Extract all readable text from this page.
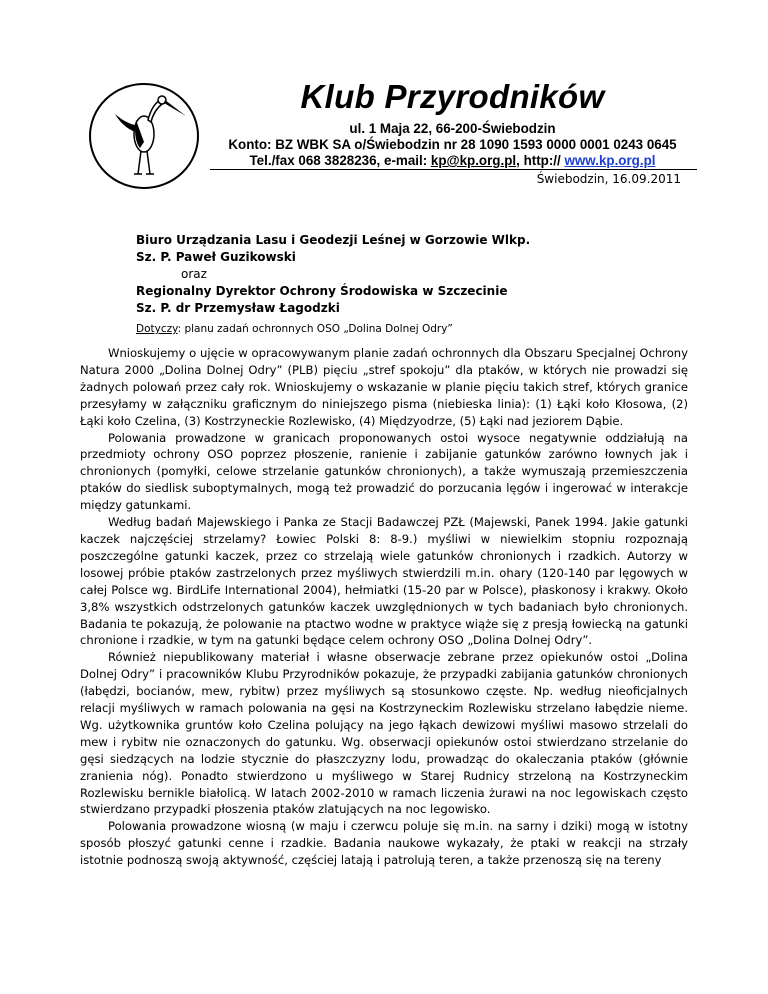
Klub Przyrodników
ul. 1 Maja 22, 66-200-Świebodzin
Konto: BZ WBK SA o/Świebodzin nr 28 1090 1593 0000 0001 0243 0645
Tel./fax 068 3828236, e-mail: kp@kp.org.pl, http:// www.kp.org.pl
Świebodzin, 16.09.2011
Biuro Urządzania Lasu i Geodezji Leśnej w Gorzowie Wlkp.
Sz. P. Paweł Guzikowski
oraz
Regionalny Dyrektor Ochrony Środowiska w Szczecinie
Sz. P. dr Przemysław Łagodzki
Dotyczy: planu zadań ochronnych OSO „Dolina Dolnej Odry”

Wnioskujemy o ujęcie w opracowywanym planie zadań ochronnych dla Obszaru Specjalnej Ochrony Natura 2000 „Dolina Dolnej Odry” (PLB) pięciu „stref spokoju” dla ptaków, w których nie prowadzi się żadnych polowań przez cały rok. Wnioskujemy o wskazanie w planie pięciu takich stref, których granice przesyłamy w załączniku graficznym do niniejszego pisma (niebieska linia): (1) Łąki koło Kłosowa, (2) Łąki koło Czelina, (3) Kostrzyneckie Rozlewisko, (4) Międzyodrze, (5) Łąki nad jeziorem Dąbie.

Polowania prowadzone w granicach proponowanych ostoi wysoce negatywnie oddziałują na przedmioty ochrony OSO poprzez płoszenie, ranienie i zabijanie gatunków zarówno łownych jak i chronionych (pomyłki, celowe strzelanie gatunków chronionych), a także wymuszają przemieszczenia ptaków do siedlisk suboptymalnych, mogą też prowadzić do porzucania lęgów i ingerować w interakcje między gatunkami.

Według badań Majewskiego i Panka ze Stacji Badawczej PZŁ (Majewski, Panek 1994. Jakie gatunki kaczek najczęściej strzelamy? Łowiec Polski 8: 8-9.) myśliwi w niewielkim stopniu rozpoznają poszczególne gatunki kaczek, przez co strzelają wiele gatunków chronionych i rzadkich. Autorzy w losowej próbie ptaków zastrzelonych przez myśliwych stwierdzili m.in. ohary (120-140 par lęgowych w całej Polsce wg. BirdLife International 2004), hełmiatki (15-20 par w Polsce), płaskonosy i krakwy. Około 3,8% wszystkich odstrzelonych gatunków kaczek uwzględnionych w tych badaniach było chronionych. Badania te pokazują, że polowanie na ptactwo wodne w praktyce wiąże się z presją łowiecką na gatunki chronione i rzadkie, w tym na gatunki będące celem ochrony OSO „Dolina Dolnej Odry”.

Również niepublikowany materiał i własne obserwacje zebrane przez opiekunów ostoi „Dolina Dolnej Odry” i pracowników Klubu Przyrodników pokazuje, że przypadki zabijania gatunków chronionych (łabędzi, bocianów, mew, rybitw) przez myśliwych są stosunkowo częste. Np. według nieoficjalnych relacji myśliwych w ramach polowania na gęsi na Kostrzyneckim Rozlewisku strzelano łabędzie nieme. Wg. użytkownika gruntów koło Czelina polujący na jego łąkach dewizowi myśliwi masowo strzelali do mew i rybitw nie oznaczonych do gatunku. Wg. obserwacji opiekunów ostoi stwierdzano strzelanie do gęsi siedzących na lodzie stycznie do płaszczyzny lodu, prowadząc do okaleczania ptaków (głównie zranienia nóg). Ponadto stwierdzono u myśliwego w Starej Rudnicy strzeloną na Kostrzyneckim Rozlewisku bernikle białolicą. W latach 2002-2010 w ramach liczenia żurawi na noc legowiskach często stwierdzano przypadki płoszenia ptaków zlatujących na noc legowisko.

Polowania prowadzone wiosną (w maju i czerwcu poluje się m.in. na sarny i dziki) mogą w istotny sposób płoszyć gatunki cenne i rzadkie. Badania naukowe wykazały, że ptaki w reakcji na strzały istotnie podnoszą swoją aktywność, częściej latają i patrolują teren, a także przenoszą się na tereny
